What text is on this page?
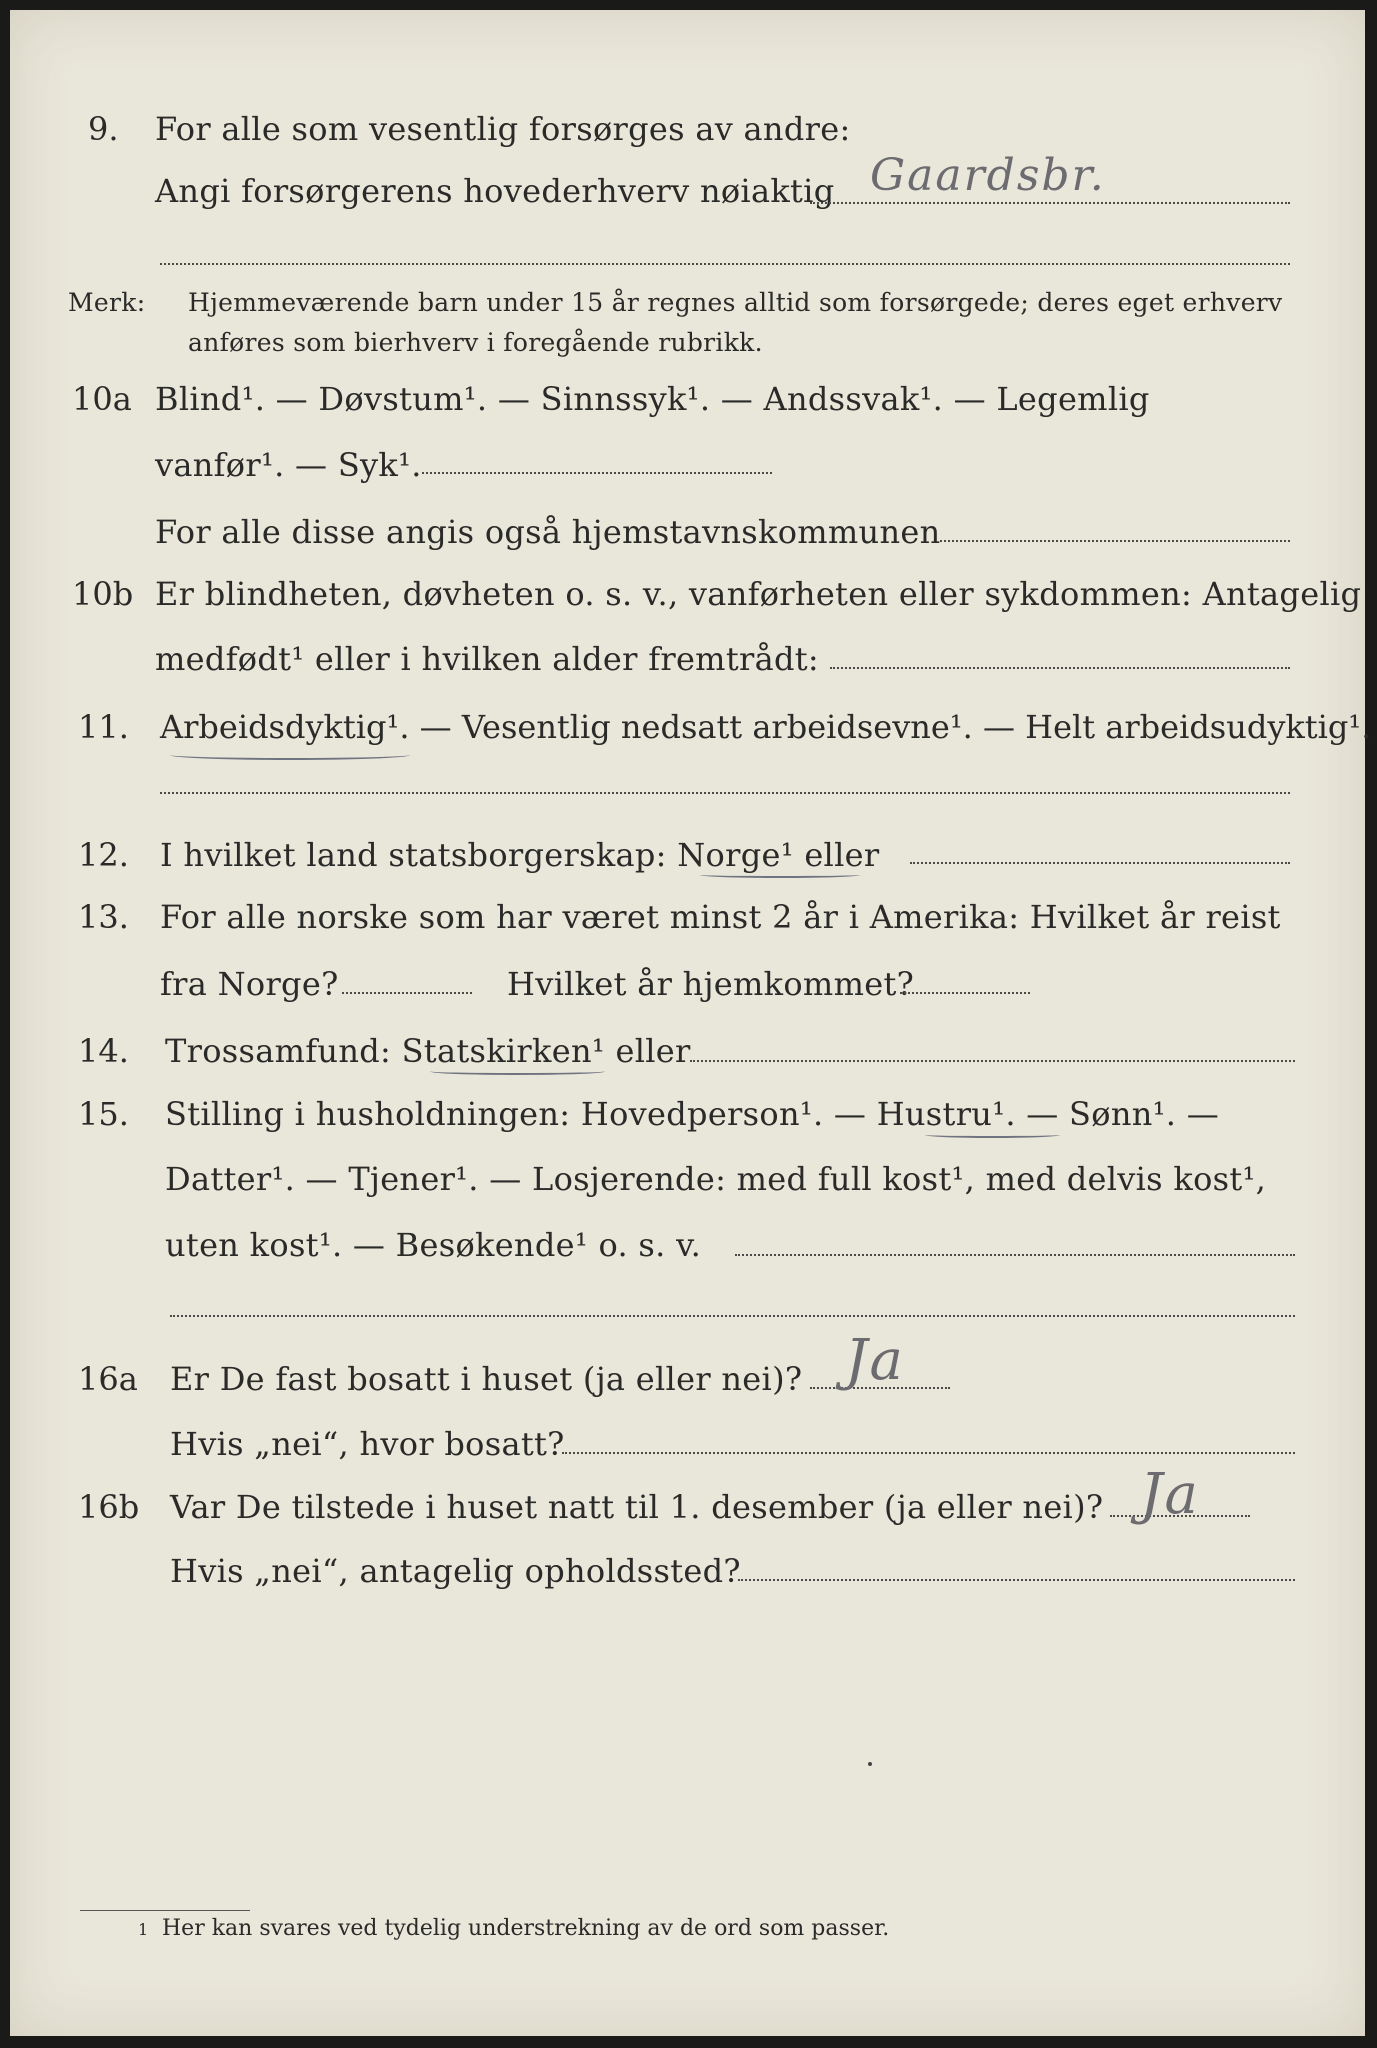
9. For alle som vesentlig forsørges av andre:
Angi forsørgerens hovederhverv nøiaktig Gaardsbr.
Merk: Hjemmeværende barn under 15 år regnes alltid som forsørgede; deres eget erhverv
anføres som bierhverv i foregående rubrikk.
10a Blind¹. — Døvstum¹. — Sinnssyk¹. — Andssvak¹. — Legemlig
vanfør¹. — Syk¹.
For alle disse angis også hjemstavnskommunen
10b Er blindheten, døvheten o. s. v., vanførheten eller sykdommen: Antagelig
medfødt¹ eller i hvilken alder fremtrådt:
11. Arbeidsdyktig¹. — Vesentlig nedsatt arbeidsevne¹. — Helt arbeidsudyktig¹.
12. I hvilket land statsborgerskap: Norge¹ eller
13. For alle norske som har været minst 2 år i Amerika: Hvilket år reist
fra Norge?	Hvilket år hjemkommet?
14. Trossamfund: Statskirken¹ eller
15. Stilling i husholdningen: Hovedperson¹. — Hustru¹. — Sønn¹. —
Datter¹. — Tjener¹. — Losjerende: med full kost¹, med delvis kost¹,
uten kost¹. — Besøkende¹ o. s. v.
16a Er De fast bosatt i huset (ja eller nei)? Ja
Hvis „nei“, hvor bosatt?
16b Var De tilstede i huset natt til 1. desember (ja eller nei)? Ja
Hvis „nei“, antagelig opholdssted?
1 Her kan svares ved tydelig understrekning av de ord som passer.
